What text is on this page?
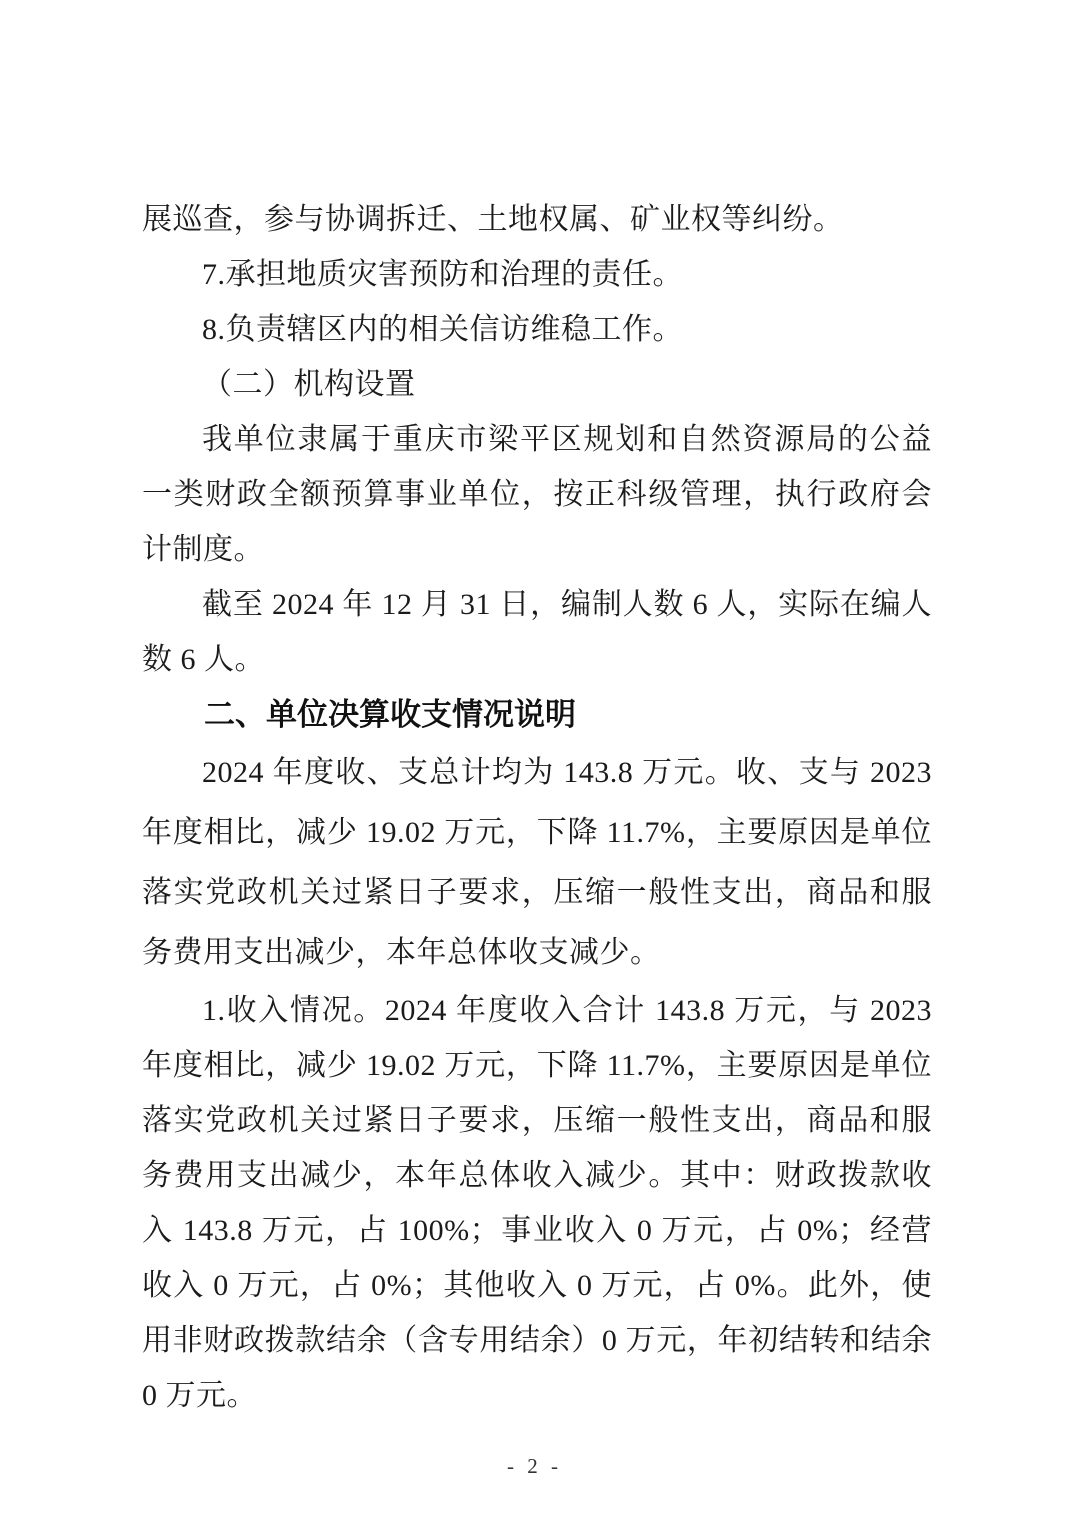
展巡查，参与协调拆迁、土地权属、矿业权等纠纷。

7.承担地质灾害预防和治理的责任。

8.负责辖区内的相关信访维稳工作。

（二）机构设置

我单位隶属于重庆市梁平区规划和自然资源局的公益一类财政全额预算事业单位，按正科级管理，执行政府会计制度。

截至 2024 年 12 月 31 日，编制人数 6 人，实际在编人数 6 人。

二、单位决算收支情况说明

2024 年度收、支总计均为 143.8 万元。收、支与 2023 年度相比，减少 19.02 万元，下降 11.7%，主要原因是单位落实党政机关过紧日子要求，压缩一般性支出，商品和服务费用支出减少，本年总体收支减少。

1.收入情况。2024 年度收入合计 143.8 万元，与 2023 年度相比，减少 19.02 万元，下降 11.7%，主要原因是单位落实党政机关过紧日子要求，压缩一般性支出，商品和服务费用支出减少，本年总体收入减少。其中：财政拨款收入 143.8 万元，占 100%；事业收入 0 万元，占 0%；经营收入 0 万元，占 0%；其他收入 0 万元，占 0%。此外，使用非财政拨款结余（含专用结余）0 万元，年初结转和结余 0 万元。

- 2 -
